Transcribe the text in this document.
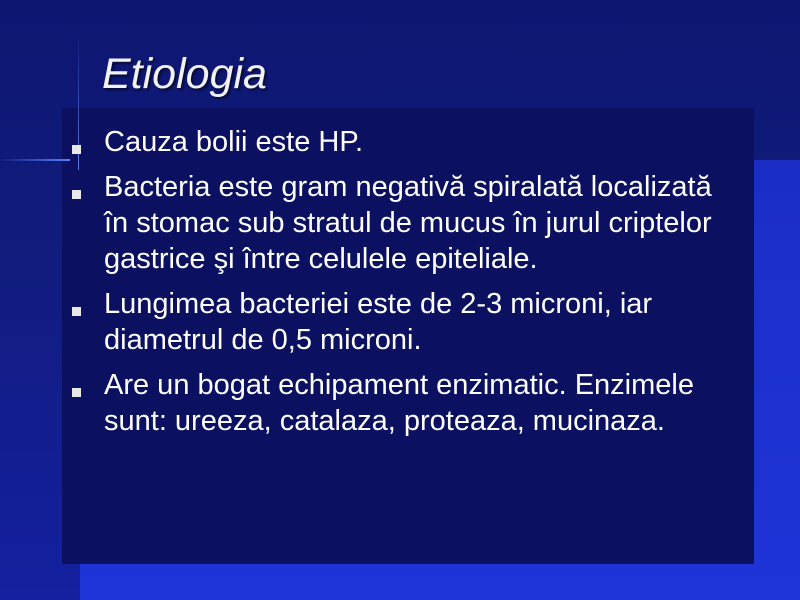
Etiologia
Cauza bolii este HP.
Bacteria este gram negativă spiralată localizată în stomac sub stratul de mucus în jurul criptelor gastrice şi între celulele epiteliale.
Lungimea bacteriei este de 2-3 microni, iar diametrul de 0,5 microni.
Are un bogat echipament enzimatic. Enzimele sunt: ureeza, catalaza, proteaza, mucinaza.
